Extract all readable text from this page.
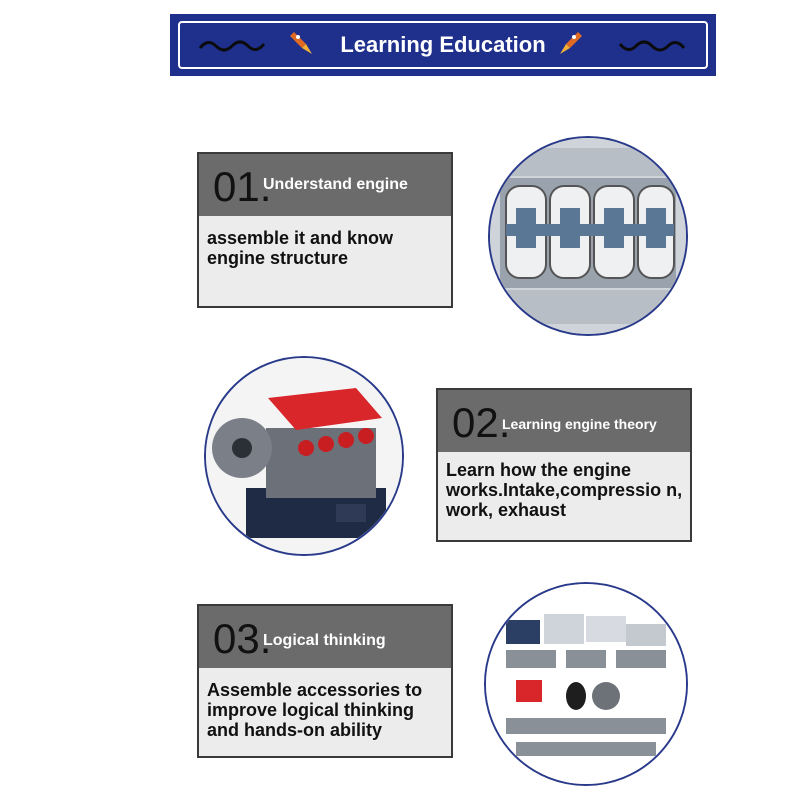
Learning Education
01.
Understand engine
assemble it and know engine structure
02.
Learning engine theory
Learn how the engine works.Intake,compressio n, work, exhaust
03.
Logical thinking
Assemble accessories to improve logical thinking and hands-on ability
